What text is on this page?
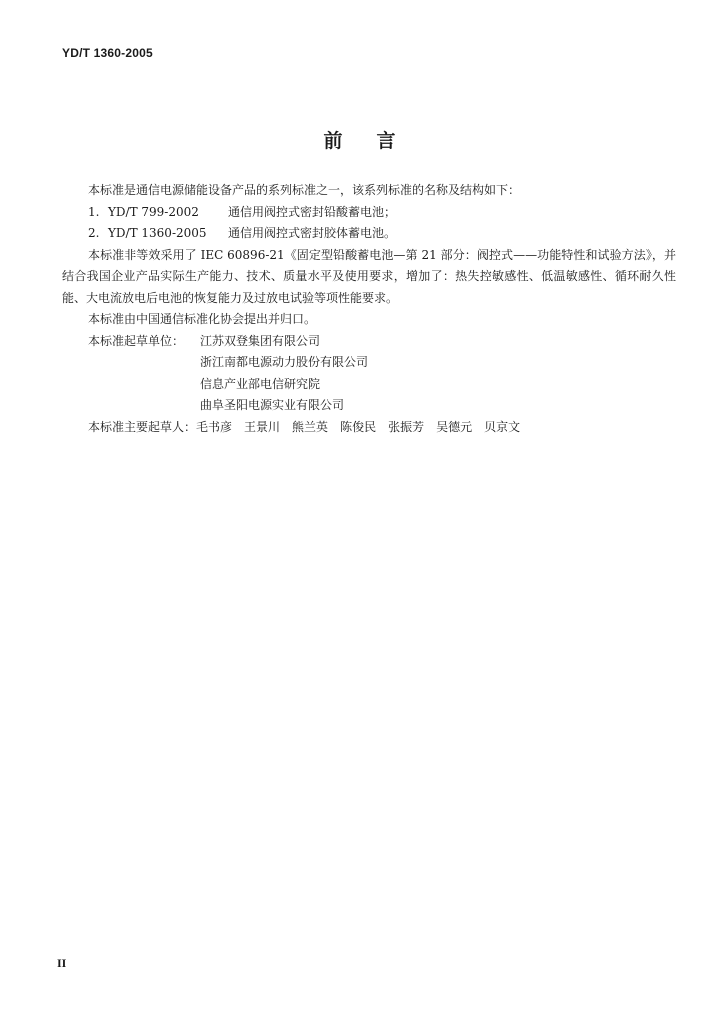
YD/T 1360-2005
前言

本标准是通信电源储能设备产品的系列标准之一，该系列标准的名称及结构如下：

1. YD/T 799-2002 通信用阀控式密封铅酸蓄电池；

2. YD/T 1360-2005 通信用阀控式密封胶体蓄电池。

本标准非等效采用了 IEC 60896-21《固定型铅酸蓄电池—第 21 部分：阀控式——功能特性和试验方法》，并结合我国企业产品实际生产能力、技术、质量水平及使用要求，增加了：热失控敏感性、低温敏感性、循环耐久性能、大电流放电后电池的恢复能力及过放电试验等项性能要求。

本标准由中国通信标准化协会提出并归口。

本标准起草单位： 江苏双登集团有限公司

浙江南都电源动力股份有限公司

信息产业部电信研究院

曲阜圣阳电源实业有限公司

本标准主要起草人：毛书彦 王景川 熊兰英 陈俊民 张振芳 吴德元 贝京文

II
